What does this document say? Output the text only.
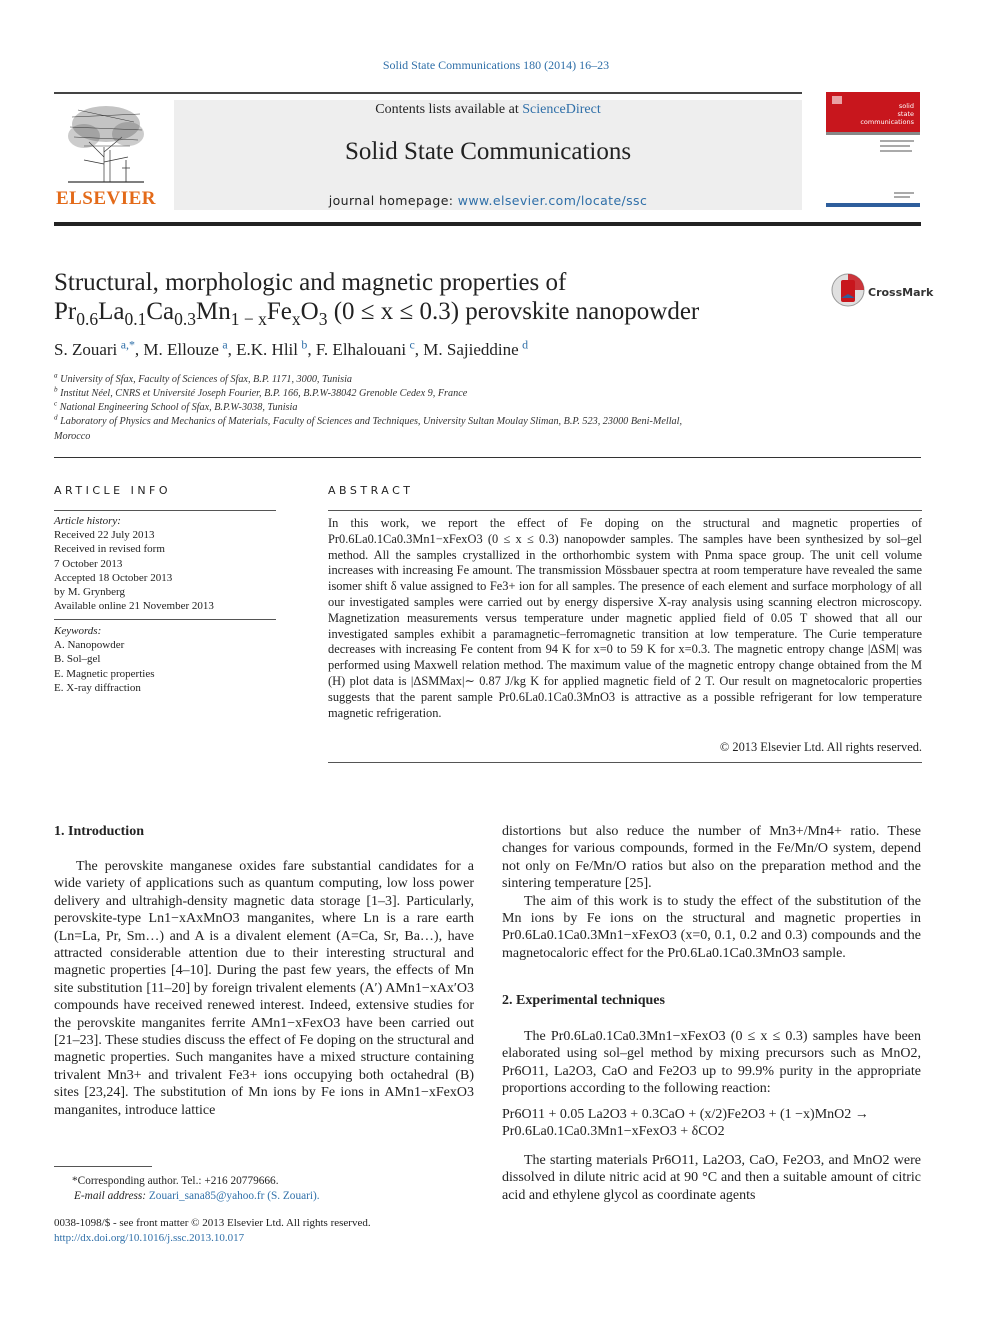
Solid State Communications 180 (2014) 16–23
ELSEVIER
Contents lists available at ScienceDirect
Solid State Communications
journal homepage: www.elsevier.com/locate/ssc
solid
state
communications
Structural, morphologic and magnetic properties of
$Pr_{0.6}La_{0.1}Ca_{0.3}Mn_{1 - x}Fe_xO_3$ (0 ≤ x ≤ 0.3) perovskite nanopowder
CrossMark
S. Zouari  $^{a,*}$, M. Ellouze  $^a$, E.K. Hlil  $^b$, F. Elhalouani  $^c$, M. Sajieddine  $^d$
$^a$ University of Sfax, Faculty of Sciences of Sfax, B.P. 1171, 3000, Tunisia
$^b$ Institut Néel, CNRS et Université Joseph Fourier, B.P. 166, B.P.W-38042 Grenoble Cedex 9, France
$^c$ National Engineering School of Sfax, B.P.W-3038, Tunisia
$^d$ Laboratory of Physics and Mechanics of Materials, Faculty of Sciences and Techniques, University Sultan Moulay Sliman, B.P. 523, 23000 Beni-Mellal,
Morocco
ARTICLE INFO
Article history:
Received 22 July 2013
Received in revised form
7 October 2013
Accepted 18 October 2013
by M. Grynberg
Available online 21 November 2013
Keywords:
A. Nanopowder
B. Sol–gel
E. Magnetic properties
E. X-ray diffraction
ABSTRACT
In this work, we report the effect of Fe doping on the structural and magnetic properties of Pr0.6La0.1Ca0.3Mn1−xFexO3 (0 ≤ x ≤ 0.3) nanopowder samples. The samples have been synthesized by sol–gel method. All the samples crystallized in the orthorhombic system with Pnma space group. The unit cell volume increases with increasing Fe amount. The transmission Mössbauer spectra at room temperature have revealed the same isomer shift δ value assigned to Fe3+ ion for all samples. The presence of each element and surface morphology of all our investigated samples were carried out by energy dispersive X-ray analysis using scanning electron microscopy. Magnetization measurements versus temperature under magnetic applied field of 0.05 T showed that all our investigated samples exhibit a paramagnetic–ferromagnetic transition at low temperature. The Curie temperature decreases with increasing Fe content from 94 K for x=0 to 59 K for x=0.3. The magnetic entropy change |ΔSM| was performed using Maxwell relation method. The maximum value of the magnetic entropy change obtained from the M (H) plot data is |ΔSMMax|∼ 0.87 J/kg K for applied magnetic field of 2 T. Our result on magnetocaloric properties suggests that the parent sample Pr0.6La0.1Ca0.3MnO3 is attractive as a possible refrigerant for low temperature magnetic refrigeration.
© 2013 Elsevier Ltd. All rights reserved.
1. Introduction

The perovskite manganese oxides fare substantial candidates for a wide variety of applications such as quantum computing, low loss power delivery and ultrahigh-density magnetic data storage [1–3]. Particularly, perovskite-type Ln1−xAxMnO3 manganites, where Ln is a rare earth (Ln=La, Pr, Sm…) and A is a divalent element (A=Ca, Sr, Ba…), have attracted considerable attention due to their interesting structural and magnetic properties [4–10]. During the past few years, the effects of Mn site substitution [11–20] by foreign trivalent elements (A′) AMn1−xAx′O3 compounds have received renewed interest. Indeed, extensive studies for the perovskite manganites ferrite AMn1−xFexO3 have been carried out [21–23]. These studies discuss the effect of Fe doping on the structural and magnetic properties. Such manganites have a mixed structure containing trivalent Mn3+ and trivalent Fe3+ ions occupying both octahedral (B) sites [23,24]. The substitution of Mn ions by Fe ions in AMn1−xFexO3 manganites, introduce lattice

distortions but also reduce the number of Mn3+/Mn4+ ratio. These changes for various compounds, formed in the Fe/Mn/O system, depend not only on Fe/Mn/O ratios but also on the preparation method and the sintering temperature [25].

The aim of this work is to study the effect of the substitution of the Mn ions by Fe ions on the structural and magnetic properties in Pr0.6La0.1Ca0.3Mn1−xFexO3 (x=0, 0.1, 0.2 and 0.3) compounds and the magnetocaloric effect for the Pr0.6La0.1Ca0.3MnO3 sample.

2. Experimental techniques

The Pr0.6La0.1Ca0.3Mn1−xFexO3 (0 ≤ x ≤ 0.3) samples have been elaborated using sol–gel method by mixing precursors such as MnO2, Pr6O11, La2O3, CaO and Fe2O3 up to 99.9% purity in the appropriate proportions according to the following reaction:

Pr6O11 + 0.05 La2O3 + 0.3CaO + (x/2)Fe2O3 + (1 −x)MnO2 →
Pr0.6La0.1Ca0.3Mn1−xFexO3 + δCO2

The starting materials Pr6O11, La2O3, CaO, Fe2O3, and MnO2 were dissolved in dilute nitric acid at 90 °C and then a suitable amount of citric acid and ethylene glycol as coordinate agents

*Corresponding author. Tel.: +216 20779666.
E-mail address: Zouari_sana85@yahoo.fr (S. Zouari).
0038-1098/$ - see front matter © 2013 Elsevier Ltd. All rights reserved.
http://dx.doi.org/10.1016/j.ssc.2013.10.017
